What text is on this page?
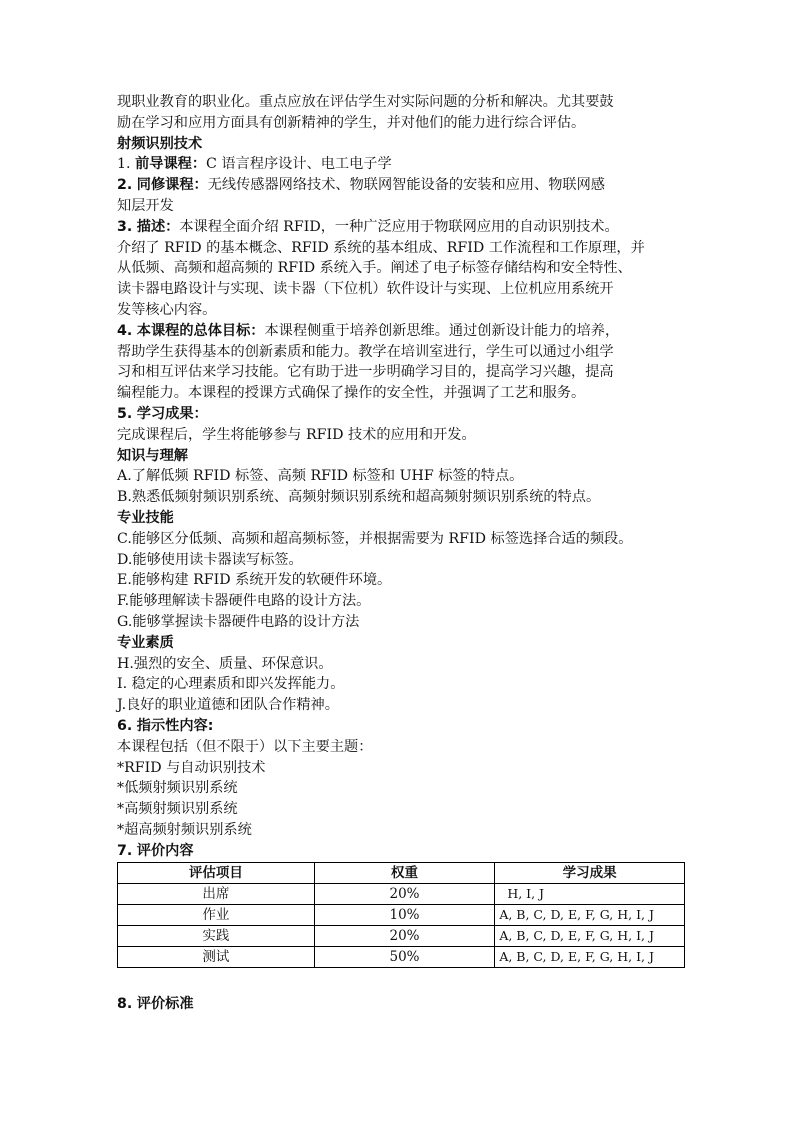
现职业教育的职业化。重点应放在评估学生对实际问题的分析和解决。尤其要鼓

励在学习和应用方面具有创新精神的学生，并对他们的能力进行综合评估。

射频识别技术

1. 前导课程：C 语言程序设计、电工电子学

2. 同修课程：无线传感器网络技术、物联网智能设备的安装和应用、物联网感

知层开发

3. 描述：本课程全面介绍 RFID，一种广泛应用于物联网应用的自动识别技术。

介绍了 RFID 的基本概念、RFID 系统的基本组成、RFID 工作流程和工作原理，并

从低频、高频和超高频的 RFID 系统入手。阐述了电子标签存储结构和安全特性、

读卡器电路设计与实现、读卡器（下位机）软件设计与实现、上位机应用系统开

发等核心内容。

4. 本课程的总体目标：本课程侧重于培养创新思维。通过创新设计能力的培养，

帮助学生获得基本的创新素质和能力。教学在培训室进行，学生可以通过小组学

习和相互评估来学习技能。它有助于进一步明确学习目的，提高学习兴趣，提高

编程能力。本课程的授课方式确保了操作的安全性，并强调了工艺和服务。

5. 学习成果：

完成课程后，学生将能够参与 RFID 技术的应用和开发。

知识与理解

A.了解低频 RFID 标签、高频 RFID 标签和 UHF 标签的特点。

B.熟悉低频射频识别系统、高频射频识别系统和超高频射频识别系统的特点。

专业技能

C.能够区分低频、高频和超高频标签，并根据需要为 RFID 标签选择合适的频段。

D.能够使用读卡器读写标签。

E.能够构建 RFID 系统开发的软硬件环境。

F.能够理解读卡器硬件电路的设计方法。

G.能够掌握读卡器硬件电路的设计方法

专业素质

H.强烈的安全、质量、环保意识。

I. 稳定的心理素质和即兴发挥能力。

J.良好的职业道德和团队合作精神。

6. 指示性内容:

本课程包括（但不限于）以下主要主题：

*RFID 与自动识别技术

*低频射频识别系统

*高频射频识别系统

*超高频射频识别系统

7. 评价内容

评估项目	权重	学习成果
出席	20%	H, I, J
作业	10%	A, B, C, D, E, F, G, H, I, J
实践	20%	A, B, C, D, E, F, G, H, I, J
测试	50%	A, B, C, D, E, F, G, H, I, J

8. 评价标准
